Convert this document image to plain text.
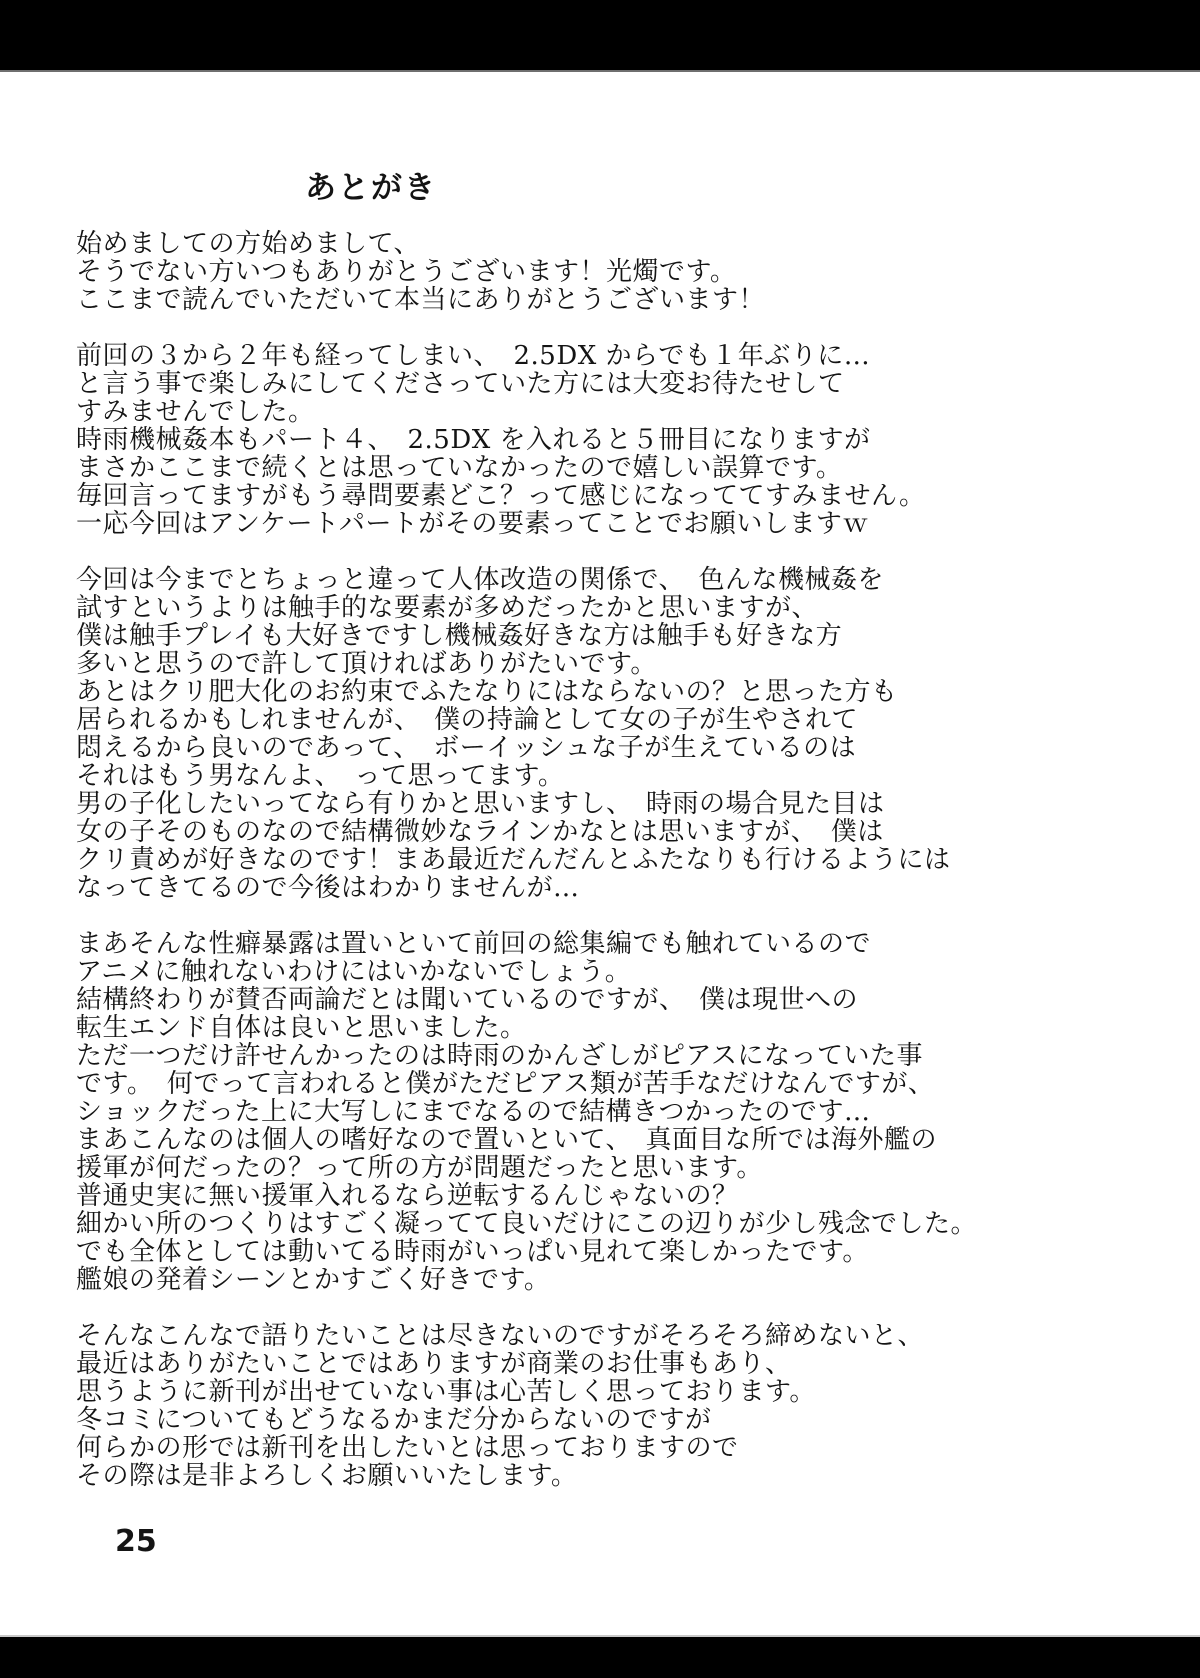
あとがき
始めましての方始めまして、
そうでない方いつもありがとうございます！光燭です。
ここまで読んでいただいて本当にありがとうございます！
前回の３から２年も経ってしまい、　2.5DX からでも１年ぶりに…
と言う事で楽しみにしてくださっていた方には大変お待たせして
すみませんでした。
時雨機械姦本もパート４、　2.5DX を入れると５冊目になりますが
まさかここまで続くとは思っていなかったので嬉しい誤算です。
毎回言ってますがもう尋問要素どこ？って感じになっててすみません。
一応今回はアンケートパートがその要素ってことでお願いしますｗ
今回は今までとちょっと違って人体改造の関係で、　色んな機械姦を
試すというよりは触手的な要素が多めだったかと思いますが、
僕は触手プレイも大好きですし機械姦好きな方は触手も好きな方
多いと思うので許して頂ければありがたいです。
あとはクリ肥大化のお約束でふたなりにはならないの？と思った方も
居られるかもしれませんが、　僕の持論として女の子が生やされて
悶えるから良いのであって、　ボーイッシュな子が生えているのは
それはもう男なんよ、　って思ってます。
男の子化したいってなら有りかと思いますし、　時雨の場合見た目は
女の子そのものなので結構微妙なラインかなとは思いますが、　僕は
クリ責めが好きなのです！まあ最近だんだんとふたなりも行けるようには
なってきてるので今後はわかりませんが…
まあそんな性癖暴露は置いといて前回の総集編でも触れているので
アニメに触れないわけにはいかないでしょう。
結構終わりが賛否両論だとは聞いているのですが、　僕は現世への
転生エンド自体は良いと思いました。
ただ一つだけ許せんかったのは時雨のかんざしがピアスになっていた事
です。　何でって言われると僕がただピアス類が苦手なだけなんですが、
ショックだった上に大写しにまでなるので結構きつかったのです…
まあこんなのは個人の嗜好なので置いといて、　真面目な所では海外艦の
援軍が何だったの？って所の方が問題だったと思います。
普通史実に無い援軍入れるなら逆転するんじゃないの？
細かい所のつくりはすごく凝ってて良いだけにこの辺りが少し残念でした。
でも全体としては動いてる時雨がいっぱい見れて楽しかったです。
艦娘の発着シーンとかすごく好きです。
そんなこんなで語りたいことは尽きないのですがそろそろ締めないと、
最近はありがたいことではありますが商業のお仕事もあり、
思うように新刊が出せていない事は心苦しく思っております。
冬コミについてもどうなるかまだ分からないのですが
何らかの形では新刊を出したいとは思っておりますので
その際は是非よろしくお願いいたします。
25
